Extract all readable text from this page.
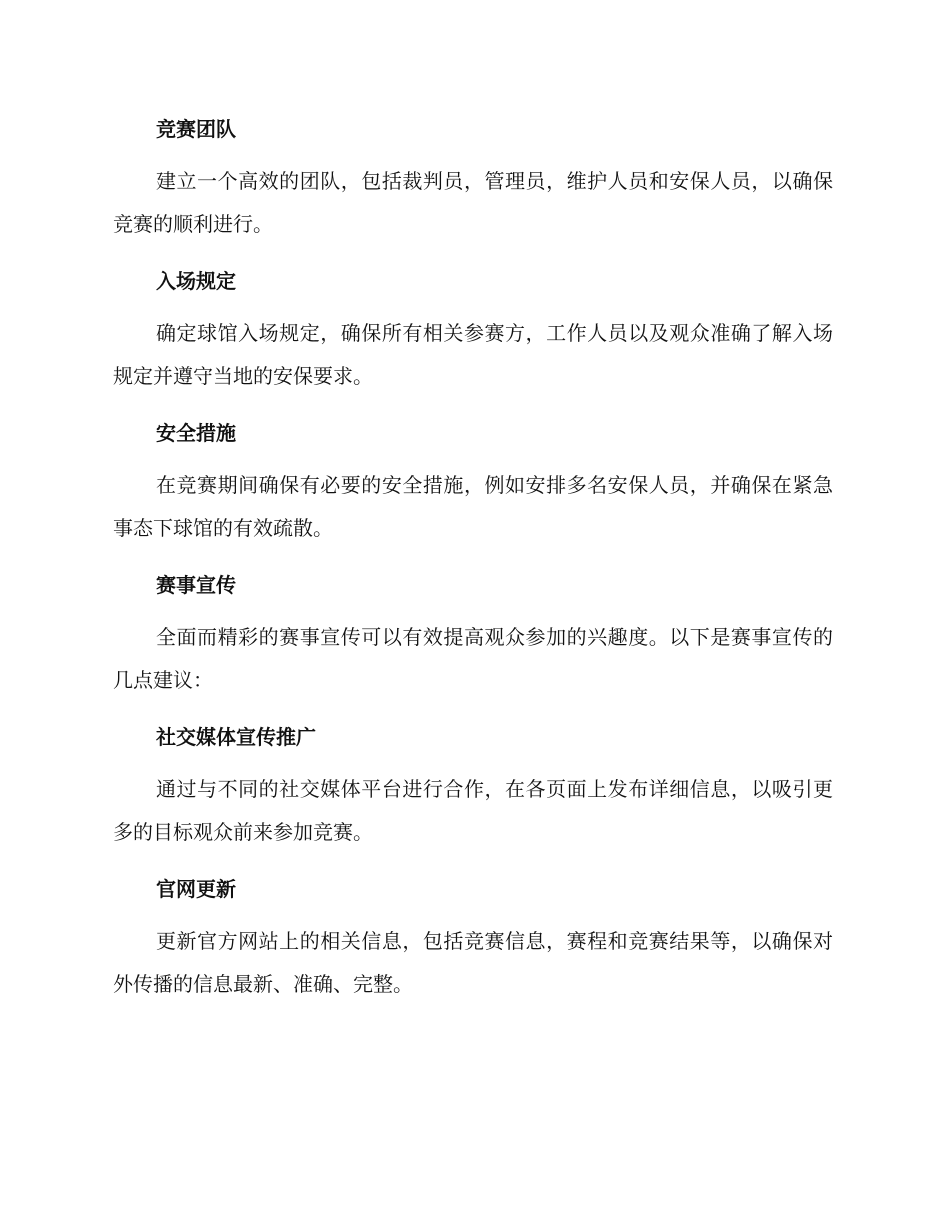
竞赛团队

建立一个高效的团队，包括裁判员，管理员，维护人员和安保人员，以确保竞赛的顺利进行。

入场规定

确定球馆入场规定，确保所有相关参赛方，工作人员以及观众准确了解入场规定并遵守当地的安保要求。

安全措施

在竞赛期间确保有必要的安全措施，例如安排多名安保人员，并确保在紧急事态下球馆的有效疏散。

赛事宣传

全面而精彩的赛事宣传可以有效提高观众参加的兴趣度。以下是赛事宣传的几点建议：

社交媒体宣传推广

通过与不同的社交媒体平台进行合作，在各页面上发布详细信息，以吸引更多的目标观众前来参加竞赛。

官网更新

更新官方网站上的相关信息，包括竞赛信息，赛程和竞赛结果等，以确保对外传播的信息最新、准确、完整。
